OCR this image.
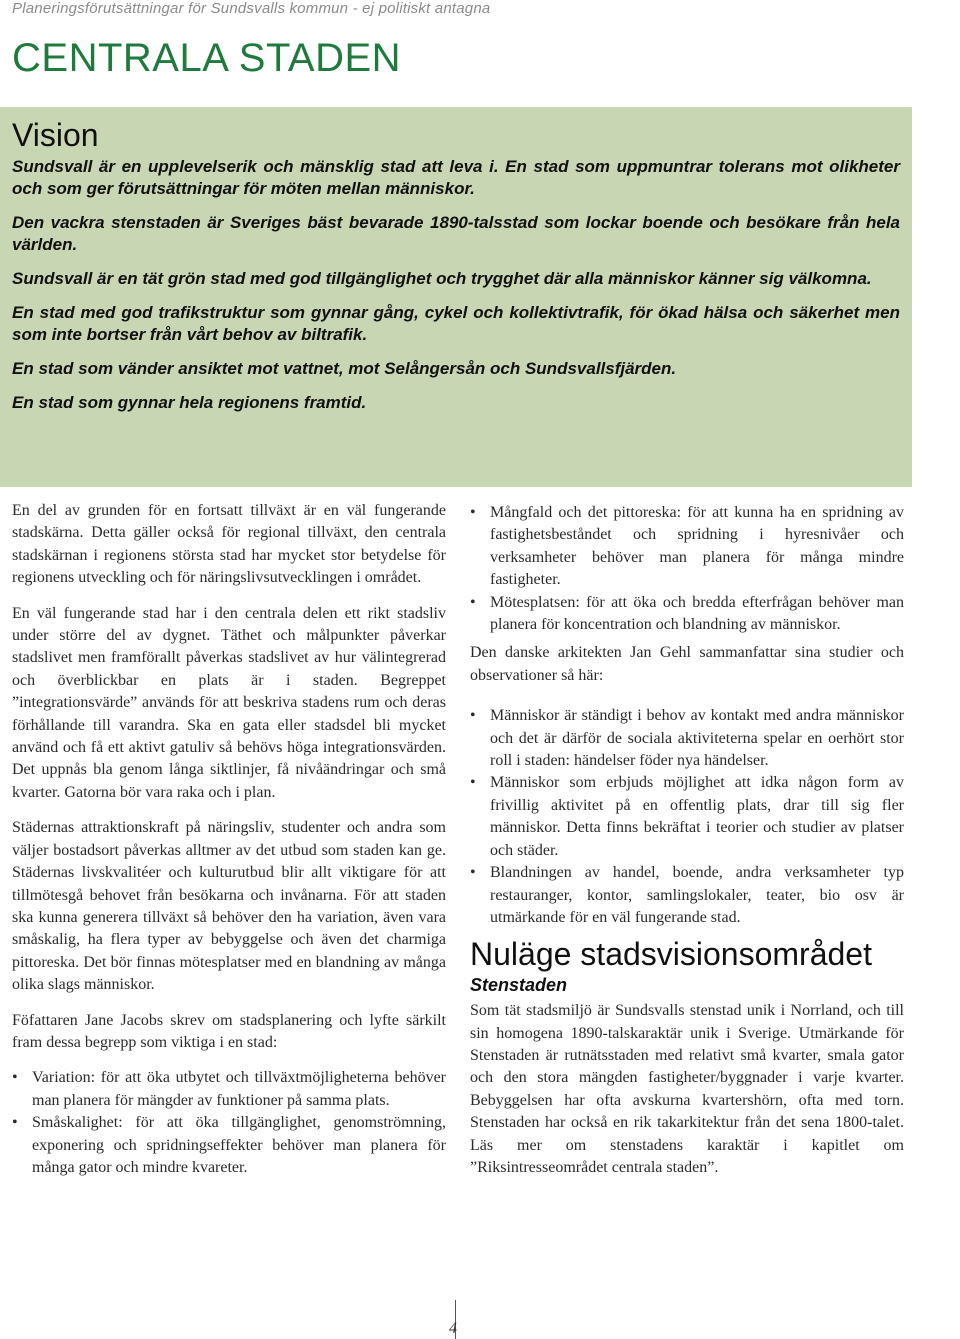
Planeringsförutsättningar för Sundsvalls kommun - ej politiskt antagna
CENTRALA STADEN
Vision

Sundsvall är en upplevelserik och mänsklig stad att leva i. En stad som uppmuntrar tolerans mot olikheter och som ger förutsättningar för möten mellan människor.

Den vackra stenstaden är Sveriges bäst bevarade 1890-talsstad som lockar boende och besökare från hela världen.

Sundsvall är en tät grön stad med god tillgänglighet och trygghet där alla människor känner sig välkomna.

En stad med god trafikstruktur som gynnar gång, cykel och kollektivtrafik, för ökad hälsa och säkerhet men som inte bortser från vårt behov av biltrafik.

En stad som vänder ansiktet mot vattnet, mot Selångersån och Sundsvallsfjärden.

En stad som gynnar hela regionens framtid.

En del av grunden för en fortsatt tillväxt är en väl fungerande stadskärna. Detta gäller också för regional tillväxt, den centrala stadskärnan i regionens största stad har mycket stor betydelse för regionens utveckling och för näringslivsutvecklingen i området.

En väl fungerande stad har i den centrala delen ett rikt stadsliv under större del av dygnet. Täthet och målpunkter påverkar stadslivet men framförallt påverkas stadslivet av hur välintegrerad och överblickbar en plats är i staden. Begreppet ”integrationsvärde” används för att beskriva stadens rum och deras förhållande till varandra. Ska en gata eller stadsdel bli mycket använd och få ett aktivt gatuliv så behövs höga integrationsvärden. Det uppnås bla genom långa siktlinjer, få nivåändringar och små kvarter. Gatorna bör vara raka och i plan.

Städernas attraktionskraft på näringsliv, studenter och andra som väljer bostadsort påverkas alltmer av det utbud som staden kan ge. Städernas livskvalitéer och kulturutbud blir allt viktigare för att tillmötesgå behovet från besökarna och invånarna. För att staden ska kunna generera tillväxt så behöver den ha variation, även vara småskalig, ha flera typer av bebyggelse och även det charmiga pittoreska. Det bör finnas mötesplatser med en blandning av många olika slags människor.

Föfattaren Jane Jacobs skrev om stadsplanering och lyfte särkilt fram dessa begrepp som viktiga i en stad:

• Variation: för att öka utbytet och tillväxtmöjligheterna behöver man planera för mängder av funktioner på samma plats.
• Småskalighet: för att öka tillgänglighet, genomströmning, exponering och spridningseffekter behöver man planera för många gator och mindre kvareter.
• Mångfald och det pittoreska: för att kunna ha en spridning av fastighetsbeståndet och spridning i hyresnivåer och verksamheter behöver man planera för många mindre fastigheter.
• Mötesplatsen: för att öka och bredda efterfrågan behöver man planera för koncentration och blandning av människor.

Den danske arkitekten Jan Gehl sammanfattar sina studier och observationer så här:

• Människor är ständigt i behov av kontakt med andra människor och det är därför de sociala aktiviteterna spelar en oerhört stor roll i staden: händelser föder nya händelser.
• Människor som erbjuds möjlighet att idka någon form av frivillig aktivitet på en offentlig plats, drar till sig fler människor. Detta finns bekräftat i teorier och studier av platser och städer.
• Blandningen av handel, boende, andra verksamheter typ restauranger, kontor, samlingslokaler, teater, bio osv är utmärkande för en väl fungerande stad.
Nuläge stadsvisionsområdet
Stenstaden

Som tät stadsmiljö är Sundsvalls stenstad unik i Norrland, och till sin homogena 1890-talskaraktär unik i Sverige. Utmärkande för Stenstaden är rutnätsstaden med relativt små kvarter, smala gator och den stora mängden fastigheter/byggnader i varje kvarter. Bebyggelsen har ofta avskurna kvartershörn, ofta med torn. Stenstaden har också en rik takarkitektur från det sena 1800-talet. Läs mer om stenstadens karaktär i kapitlet om ”Riksintresseområdet centrala staden”.

4
